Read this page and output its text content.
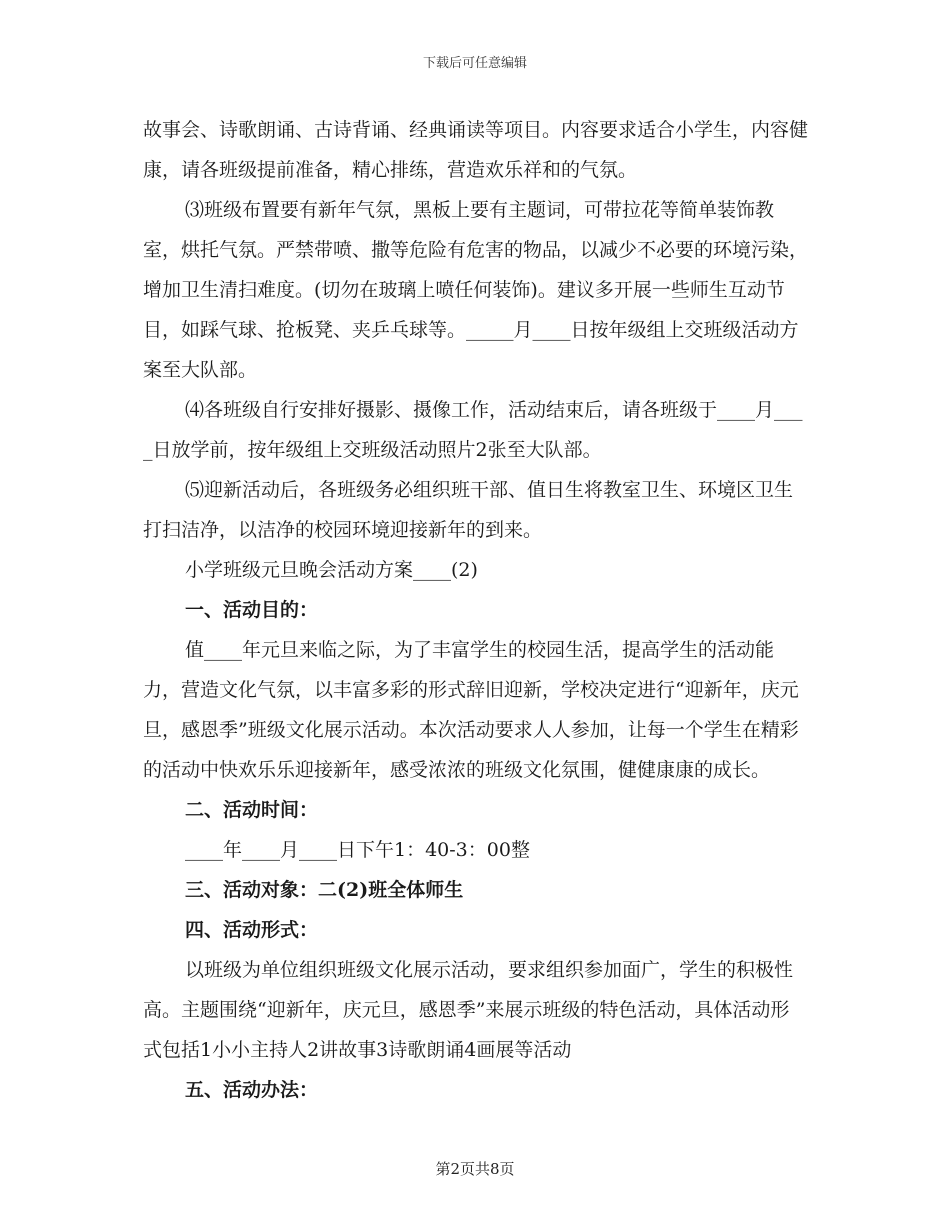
下载后可任意编辑

故事会、诗歌朗诵、古诗背诵、经典诵读等项目。内容要求适合小学生，内容健康，请各班级提前准备，精心排练，营造欢乐祥和的气氛。

⑶班级布置要有新年气氛，黑板上要有主题词，可带拉花等简单装饰教室，烘托气氛。严禁带喷、撒等危险有危害的物品，以减少不必要的环境污染，增加卫生清扫难度。(切勿在玻璃上喷任何装饰)。建议多开展一些师生互动节目，如踩气球、抢板凳、夹乒乓球等。_____月____日按年级组上交班级活动方案至大队部。

⑷各班级自行安排好摄影、摄像工作，活动结束后，请各班级于____月____日放学前，按年级组上交班级活动照片2张至大队部。

⑸迎新活动后，各班级务必组织班干部、值日生将教室卫生、环境区卫生打扫洁净，以洁净的校园环境迎接新年的到来。

小学班级元旦晚会活动方案____(2)

一、活动目的：

值____年元旦来临之际，为了丰富学生的校园生活，提高学生的活动能力，营造文化气氛，以丰富多彩的形式辞旧迎新，学校决定进行“迎新年，庆元旦，感恩季”班级文化展示活动。本次活动要求人人参加，让每一个学生在精彩的活动中快欢乐乐迎接新年，感受浓浓的班级文化氛围，健健康康的成长。

二、活动时间：

____年____月____日下午1：40-3：00整

三、活动对象：二(2)班全体师生

四、活动形式：

以班级为单位组织班级文化展示活动，要求组织参加面广，学生的积极性高。主题围绕“迎新年，庆元旦，感恩季”来展示班级的特色活动，具体活动形式包括1小小主持人2讲故事3诗歌朗诵4画展等活动

五、活动办法：

第2页共8页
